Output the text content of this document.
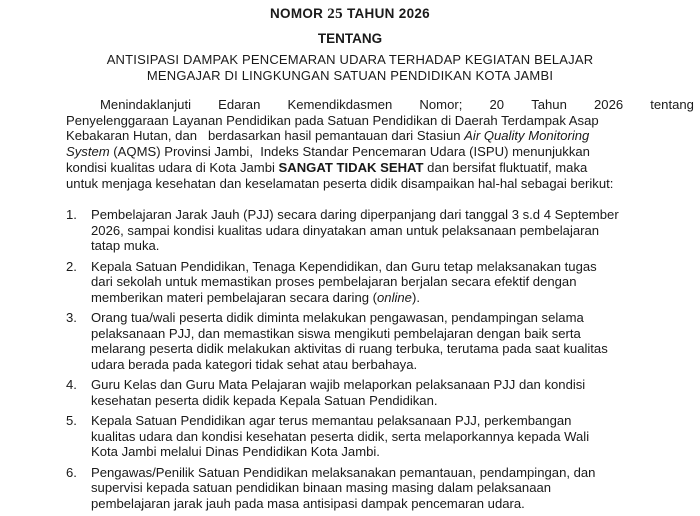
NOMOR 25 TAHUN 2026
TENTANG
ANTISIPASI DAMPAK PENCEMARAN UDARA TERHADAP KEGIATAN BELAJAR
MENGAJAR DI LINGKUNGAN SATUAN PENDIDIKAN KOTA JAMBI
Menindaklanjuti Edaran Kemendikdasmen Nomor; 20 Tahun 2026 tentang
Penyelenggaraan Layanan Pendidikan pada Satuan Pendidikan di Daerah Terdampak Asap
Kebakaran Hutan, dan   berdasarkan hasil pemantauan dari Stasiun Air Quality Monitoring
System (AQMS) Provinsi Jambi,  Indeks Standar Pencemaran Udara (ISPU) menunjukkan
kondisi kualitas udara di Kota Jambi SANGAT TIDAK SEHAT dan bersifat fluktuatif, maka
untuk menjaga kesehatan dan keselamatan peserta didik disampaikan hal-hal sebagai berikut:
1. Pembelajaran Jarak Jauh (PJJ) secara daring diperpanjang dari tanggal 3 s.d 4 September
2026, sampai kondisi kualitas udara dinyatakan aman untuk pelaksanaan pembelajaran
tatap muka.
2. Kepala Satuan Pendidikan, Tenaga Kependidikan, dan Guru tetap melaksanakan tugas
dari sekolah untuk memastikan proses pembelajaran berjalan secara efektif dengan
memberikan materi pembelajaran secara daring (online).
3. Orang tua/wali peserta didik diminta melakukan pengawasan, pendampingan selama
pelaksanaan PJJ, dan memastikan siswa mengikuti pembelajaran dengan baik serta
melarang peserta didik melakukan aktivitas di ruang terbuka, terutama pada saat kualitas
udara berada pada kategori tidak sehat atau berbahaya.
4. Guru Kelas dan Guru Mata Pelajaran wajib melaporkan pelaksanaan PJJ dan kondisi
kesehatan peserta didik kepada Kepala Satuan Pendidikan.
5. Kepala Satuan Pendidikan agar terus memantau pelaksanaan PJJ, perkembangan
kualitas udara dan kondisi kesehatan peserta didik, serta melaporkannya kepada Wali
Kota Jambi melalui Dinas Pendidikan Kota Jambi.
6. Pengawas/Penilik Satuan Pendidikan melaksanakan pemantauan, pendampingan, dan
supervisi kepada satuan pendidikan binaan masing masing dalam pelaksanaan
pembelajaran jarak jauh pada masa antisipasi dampak pencemaran udara.
